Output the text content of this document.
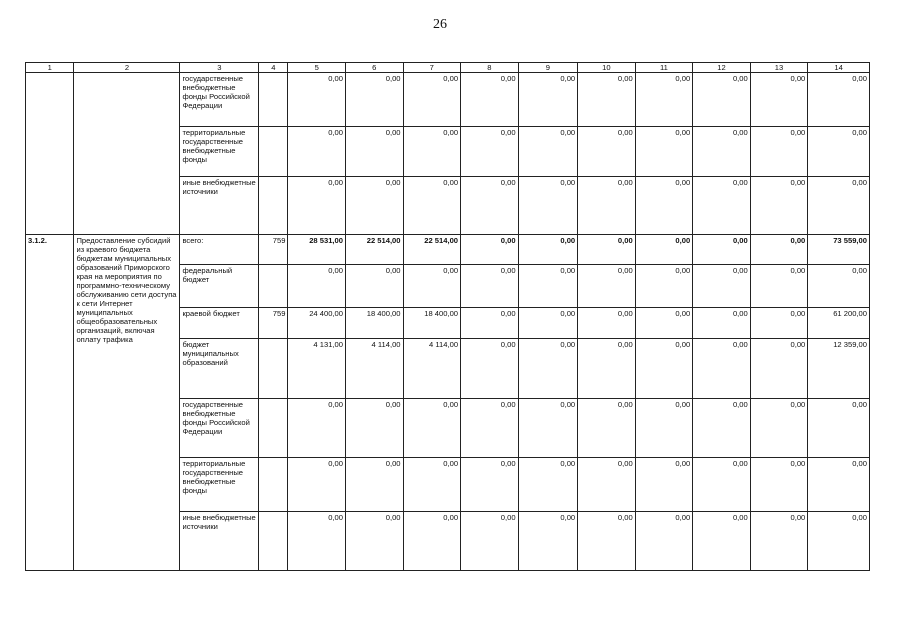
26
1	2	3	4	5	6	7	8	9	10	11	12	13	14
		государственные внебюджетные фонды Российской Федерации		0,00	0,00	0,00	0,00	0,00	0,00	0,00	0,00	0,00	0,00
		территориальные государственные внебюджетные фонды		0,00	0,00	0,00	0,00	0,00	0,00	0,00	0,00	0,00	0,00
		иные внебюджетные источники		0,00	0,00	0,00	0,00	0,00	0,00	0,00	0,00	0,00	0,00
3.1.2.	Предоставление субсидий из краевого бюджета бюджетам муниципальных образований Приморского края на мероприятия по программно-техническому обслуживанию сети доступа к сети Интернет муниципальных общеобразовательных организаций, включая оплату трафика	всего:	759	28 531,00	22 514,00	22 514,00	0,00	0,00	0,00	0,00	0,00	0,00	73 559,00
		федеральный бюджет		0,00	0,00	0,00	0,00	0,00	0,00	0,00	0,00	0,00	0,00
		краевой бюджет	759	24 400,00	18 400,00	18 400,00	0,00	0,00	0,00	0,00	0,00	0,00	61 200,00
		бюджет муниципальных образований		4 131,00	4 114,00	4 114,00	0,00	0,00	0,00	0,00	0,00	0,00	12 359,00
		государственные внебюджетные фонды Российской Федерации		0,00	0,00	0,00	0,00	0,00	0,00	0,00	0,00	0,00	0,00
		территориальные государственные внебюджетные фонды		0,00	0,00	0,00	0,00	0,00	0,00	0,00	0,00	0,00	0,00
		иные внебюджетные источники		0,00	0,00	0,00	0,00	0,00	0,00	0,00	0,00	0,00	0,00
